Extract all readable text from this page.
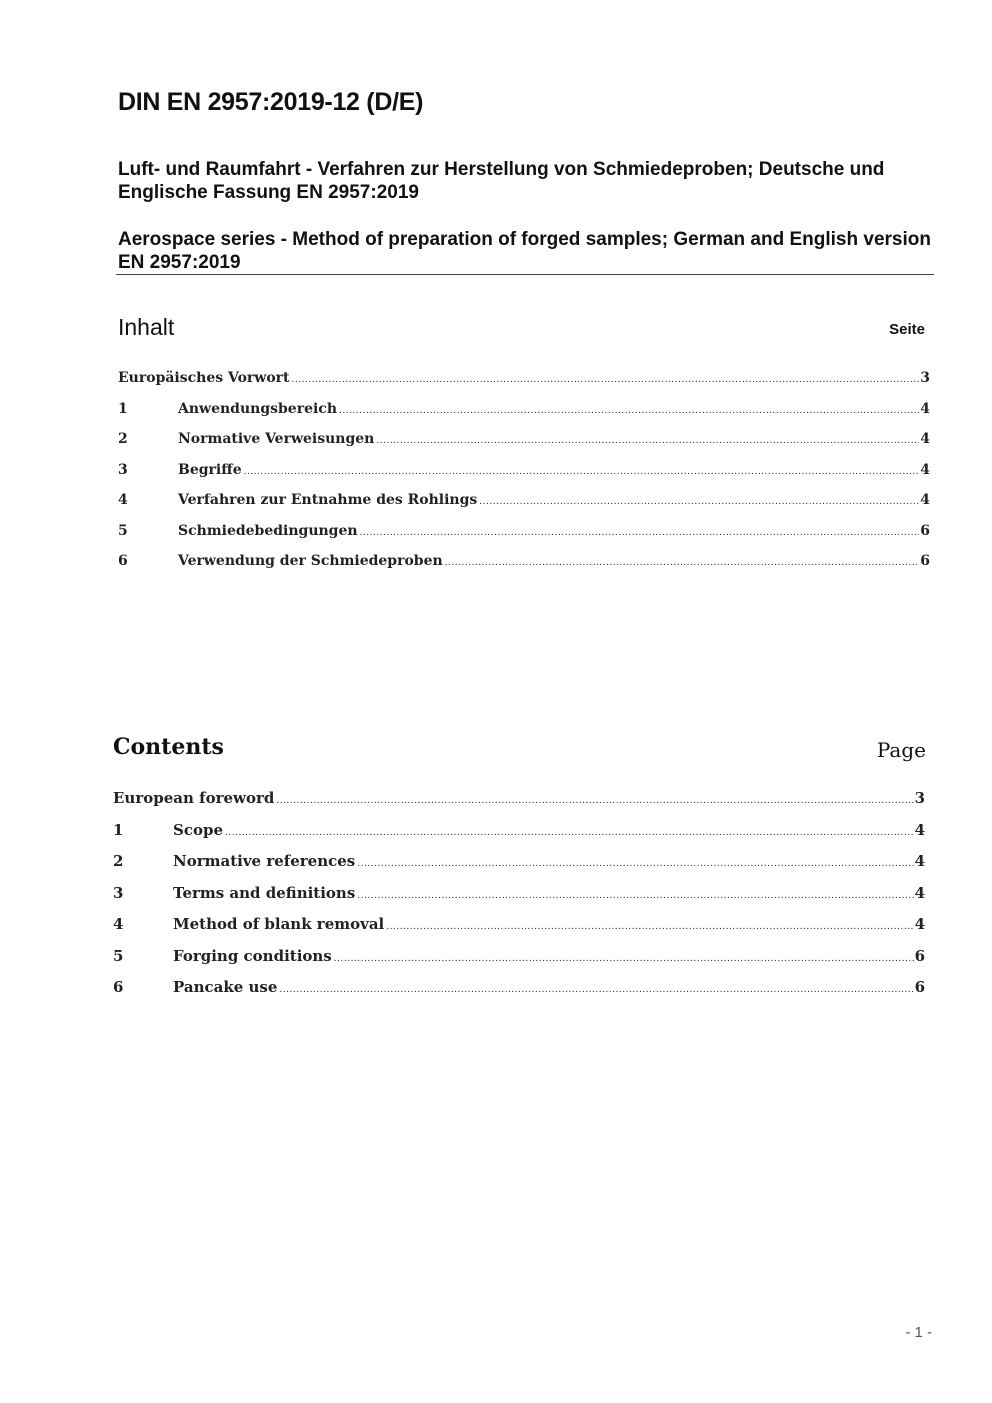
DIN EN 2957:2019-12 (D/E)

Luft- und Raumfahrt - Verfahren zur Herstellung von Schmiedeproben; Deutsche und Englische Fassung EN 2957:2019

Aerospace series - Method of preparation of forged samples; German and English version EN 2957:2019

Inhalt	Seite
Europäisches Vorwort .....	3
1	Anwendungsbereich .....	4
2	Normative Verweisungen .....	4
3	Begriffe .....	4
4	Verfahren zur Entnahme des Rohlings .....	4
5	Schmiedebedingungen .....	6
6	Verwendung der Schmiedeproben .....	6
Contents	Page
European foreword .....	3
1	Scope .....	4
2	Normative references .....	4
3	Terms and definitions .....	4
4	Method of blank removal .....	4
5	Forging conditions .....	6
6	Pancake use .....	6
- 1 -
